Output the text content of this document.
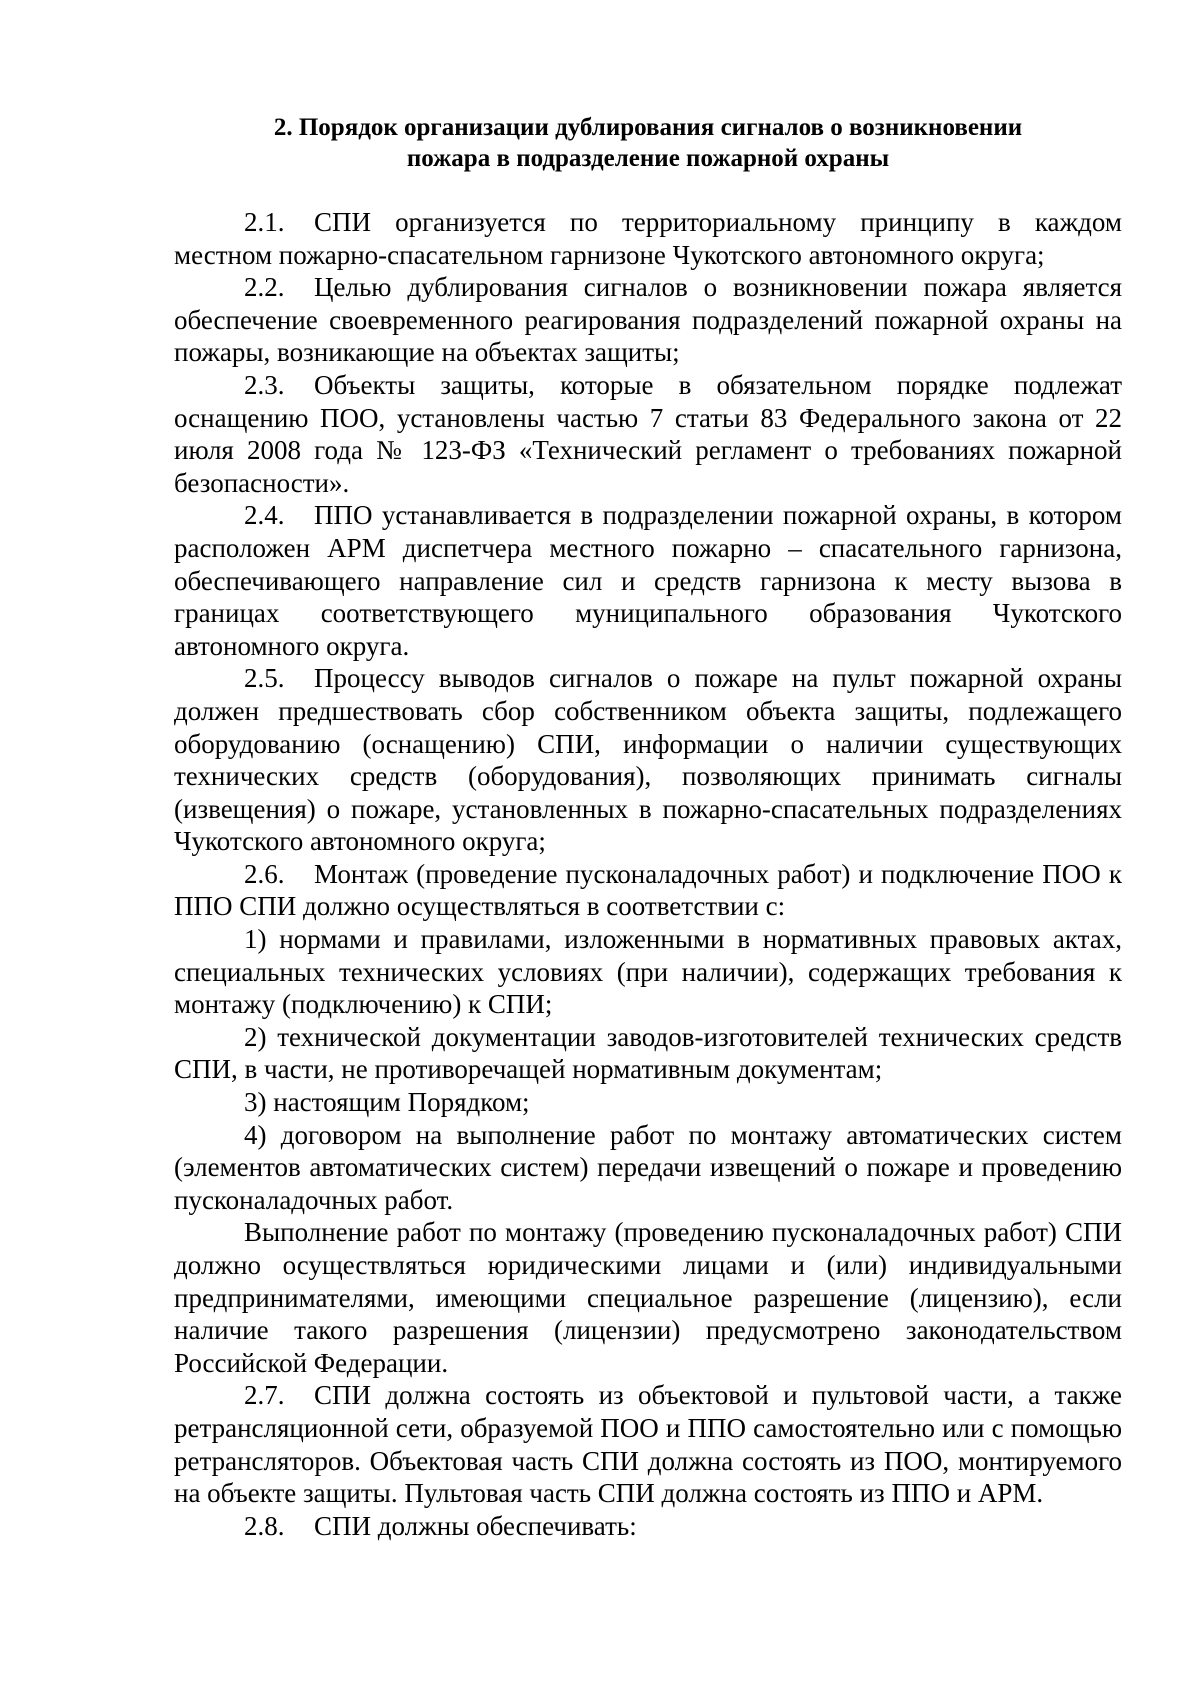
2. Порядок организации дублирования сигналов о возникновении
пожара в подразделение пожарной охраны

2.1. СПИ организуется по территориальному принципу в каждом местном пожарно-спасательном гарнизоне Чукотского автономного округа;

2.2. Целью дублирования сигналов о возникновении пожара является обеспечение своевременного реагирования подразделений пожарной охраны на пожары, возникающие на объектах защиты;

2.3. Объекты защиты, которые в обязательном порядке подлежат оснащению ПОО, установлены частью 7 статьи 83 Федерального закона от 22 июля 2008 года № 123-ФЗ «Технический регламент о требованиях пожарной безопасности».

2.4. ППО устанавливается в подразделении пожарной охраны, в котором расположен АРМ диспетчера местного пожарно – спасательного гарнизона, обеспечивающего направление сил и средств гарнизона к месту вызова в границах соответствующего муниципального образования Чукотского автономного округа.

2.5. Процессу выводов сигналов о пожаре на пульт пожарной охраны должен предшествовать сбор собственником объекта защиты, подлежащего оборудованию (оснащению) СПИ, информации о наличии существующих технических средств (оборудования), позволяющих принимать сигналы (извещения) о пожаре, установленных в пожарно-спасательных подразделениях Чукотского автономного округа;

2.6. Монтаж (проведение пусконаладочных работ) и подключение ПОО к ППО СПИ должно осуществляться в соответствии с:

1) нормами и правилами, изложенными в нормативных правовых актах, специальных технических условиях (при наличии), содержащих требования к монтажу (подключению) к СПИ;

2) технической документации заводов-изготовителей технических средств СПИ, в части, не противоречащей нормативным документам;

3) настоящим Порядком;

4) договором на выполнение работ по монтажу автоматических систем (элементов автоматических систем) передачи извещений о пожаре и проведению пусконаладочных работ.

Выполнение работ по монтажу (проведению пусконаладочных работ) СПИ должно осуществляться юридическими лицами и (или) индивидуальными предпринимателями, имеющими специальное разрешение (лицензию), если наличие такого разрешения (лицензии) предусмотрено законодательством Российской Федерации.

2.7. СПИ должна состоять из объектовой и пультовой части, а также ретрансляционной сети, образуемой ПОО и ППО самостоятельно или с помощью ретрансляторов. Объектовая часть СПИ должна состоять из ПОО, монтируемого на объекте защиты. Пультовая часть СПИ должна состоять из ППО и АРМ.

2.8. СПИ должны обеспечивать:
